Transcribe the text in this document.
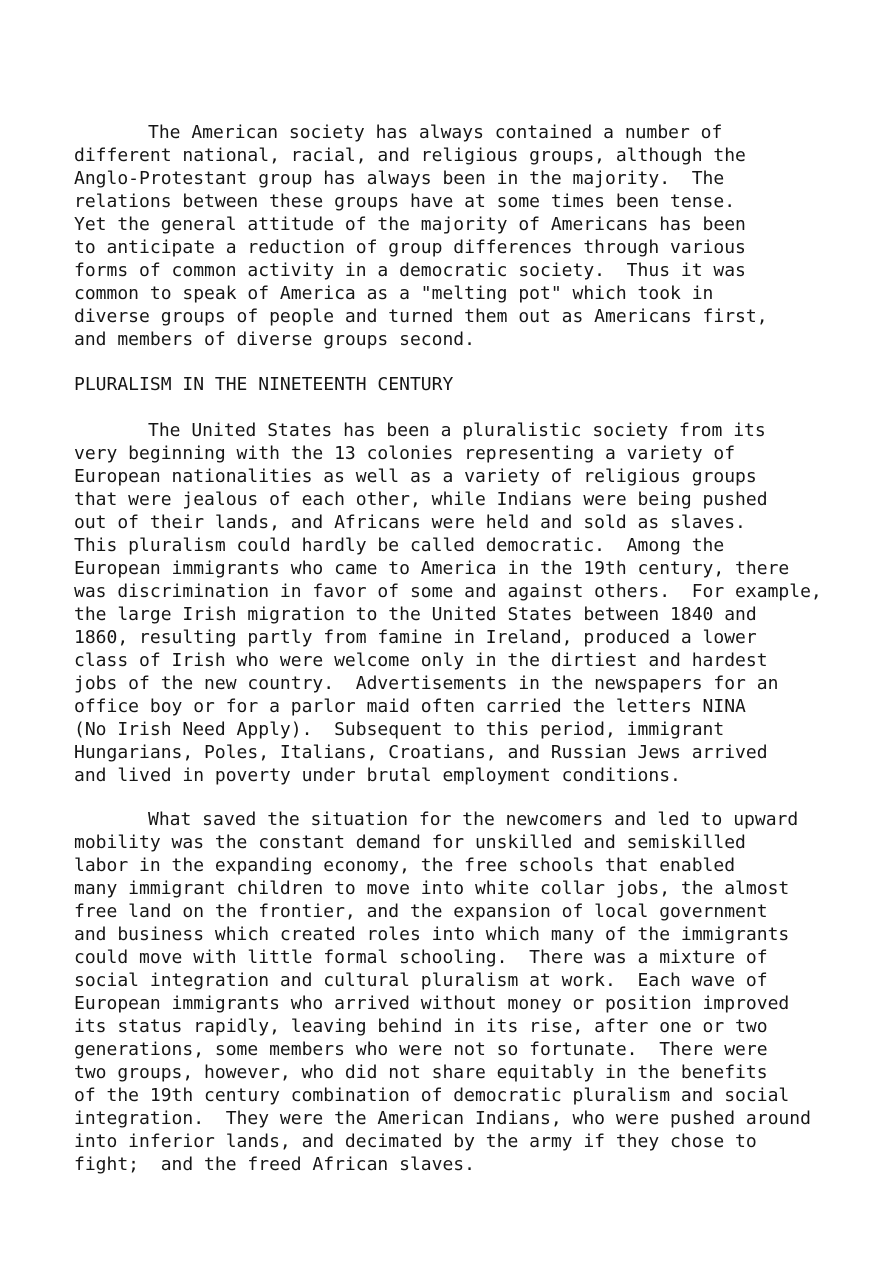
The American society has always contained a number of

different national, racial, and religious groups, although the

Anglo-Protestant group has always been in the majority.  The

relations between these groups have at some times been tense.

Yet the general attitude of the majority of Americans has been

to anticipate a reduction of group differences through various

forms of common activity in a democratic society.  Thus it was

common to speak of America as a "melting pot" which took in

diverse groups of people and turned them out as Americans first,

and members of diverse groups second.

PLURALISM IN THE NINETEENTH CENTURY

The United States has been a pluralistic society from its

very beginning with the 13 colonies representing a variety of

European nationalities as well as a variety of religious groups

that were jealous of each other, while Indians were being pushed

out of their lands, and Africans were held and sold as slaves.

This pluralism could hardly be called democratic.  Among the

European immigrants who came to America in the 19th century, there

was discrimination in favor of some and against others.  For example,

the large Irish migration to the United States between 1840 and

1860, resulting partly from famine in Ireland, produced a lower

class of Irish who were welcome only in the dirtiest and hardest

jobs of the new country.  Advertisements in the newspapers for an

office boy or for a parlor maid often carried the letters NINA

(No Irish Need Apply).  Subsequent to this period, immigrant

Hungarians, Poles, Italians, Croatians, and Russian Jews arrived

and lived in poverty under brutal employment conditions.

What saved the situation for the newcomers and led to upward

mobility was the constant demand for unskilled and semiskilled

labor in the expanding economy, the free schools that enabled

many immigrant children to move into white collar jobs, the almost

free land on the frontier, and the expansion of local government

and business which created roles into which many of the immigrants

could move with little formal schooling.  There was a mixture of

social integration and cultural pluralism at work.  Each wave of

European immigrants who arrived without money or position improved

its status rapidly, leaving behind in its rise, after one or two

generations, some members who were not so fortunate.  There were

two groups, however, who did not share equitably in the benefits

of the 19th century combination of democratic pluralism and social

integration.  They were the American Indians, who were pushed around

into inferior lands, and decimated by the army if they chose to

fight;  and the freed African slaves.
